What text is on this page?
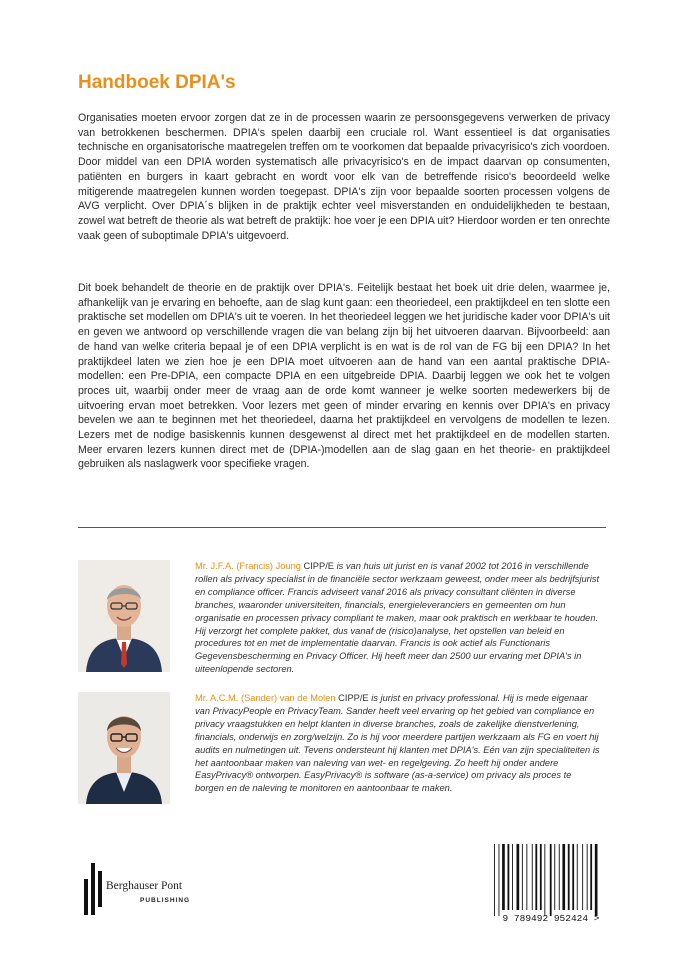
Handboek DPIA's

Organisaties moeten ervoor zorgen dat ze in de processen waarin ze persoonsgegevens verwerken de privacy van betrokkenen beschermen. DPIA's spelen daarbij een cruciale rol. Want essentieel is dat organisaties technische en organisatorische maatregelen treffen om te voorkomen dat bepaalde privacyrisico's zich voordoen. Door middel van een DPIA worden systematisch alle privacyrisico's en de impact daarvan op consumenten, patiënten en burgers in kaart gebracht en wordt voor elk van de betreffende risico's beoordeeld welke mitigerende maatregelen kunnen worden toegepast. DPIA's zijn voor bepaalde soorten processen volgens de AVG verplicht. Over DPIA´s blijken in de praktijk echter veel misverstanden en onduidelijkheden te bestaan, zowel wat betreft de theorie als wat betreft de praktijk: hoe voer je een DPIA uit? Hierdoor worden er ten onrechte vaak geen of suboptimale DPIA's uitgevoerd.

Dit boek behandelt de theorie en de praktijk over DPIA's. Feitelijk bestaat het boek uit drie delen, waarmee je, afhankelijk van je ervaring en behoefte, aan de slag kunt gaan: een theoriedeel, een praktijkdeel en ten slotte een praktische set modellen om DPIA's uit te voeren. In het theoriedeel leggen we het juridische kader voor DPIA's uit en geven we antwoord op verschillende vragen die van belang zijn bij het uitvoeren daarvan. Bijvoorbeeld: aan de hand van welke criteria bepaal je of een DPIA verplicht is en wat is de rol van de FG bij een DPIA? In het praktijkdeel laten we zien hoe je een DPIA moet uitvoeren aan de hand van een aantal praktische DPIA-modellen: een Pre-DPIA, een compacte DPIA en een uitgebreide DPIA. Daarbij leggen we ook het te volgen proces uit, waarbij onder meer de vraag aan de orde komt wanneer je welke soorten medewerkers bij de uitvoering ervan moet betrekken. Voor lezers met geen of minder ervaring en kennis over DPIA's en privacy bevelen we aan te beginnen met het theoriedeel, daarna het praktijkdeel en vervolgens de modellen te lezen. Lezers met de nodige basiskennis kunnen desgewenst al direct met het praktijkdeel en de modellen starten. Meer ervaren lezers kunnen direct met de (DPIA-)modellen aan de slag gaan en het theorie- en praktijkdeel gebruiken als naslagwerk voor specifieke vragen.

Mr. J.F.A. (Francis) Joung CIPP/E is van huis uit jurist en is vanaf 2002 tot 2016 in verschillende rollen als privacy specialist in de financiële sector werkzaam geweest, onder meer als bedrijfsjurist en compliance officer. Francis adviseert vanaf 2016 als privacy consultant cliënten in diverse branches, waaronder universiteiten, financials, energieleveranciers en gemeenten om hun organisatie en processen privacy compliant te maken, maar ook praktisch en werkbaar te houden. Hij verzorgt het complete pakket, dus vanaf de (risico)analyse, het opstellen van beleid en procedures tot en met de implementatie daarvan. Francis is ook actief als Functionaris Gegevensbescherming en Privacy Officer. Hij heeft meer dan 2500 uur ervaring met DPIA's in uiteenlopende sectoren.

Mr. A.C.M. (Sander) van de Molen CIPP/E is jurist en privacy professional. Hij is mede eigenaar van PrivacyPeople en PrivacyTeam. Sander heeft veel ervaring op het gebied van compliance en privacy vraagstukken en helpt klanten in diverse branches, zoals de zakelijke dienstverlening, financials, onderwijs en zorg/welzijn. Zo is hij voor meerdere partijen werkzaam als FG en voert hij audits en nulmetingen uit. Tevens ondersteunt hij klanten met DPIA's. Eén van zijn specialiteiten is het aantoonbaar maken van naleving van wet- en regelgeving. Zo heeft hij onder andere EasyPrivacy® ontworpen. EasyPrivacy® is software (as-a-service) om privacy als proces te borgen en de naleving te monitoren en aantoonbaar te maken.

Berghauser Pont
PUBLISHING
9 789492 952424 >
